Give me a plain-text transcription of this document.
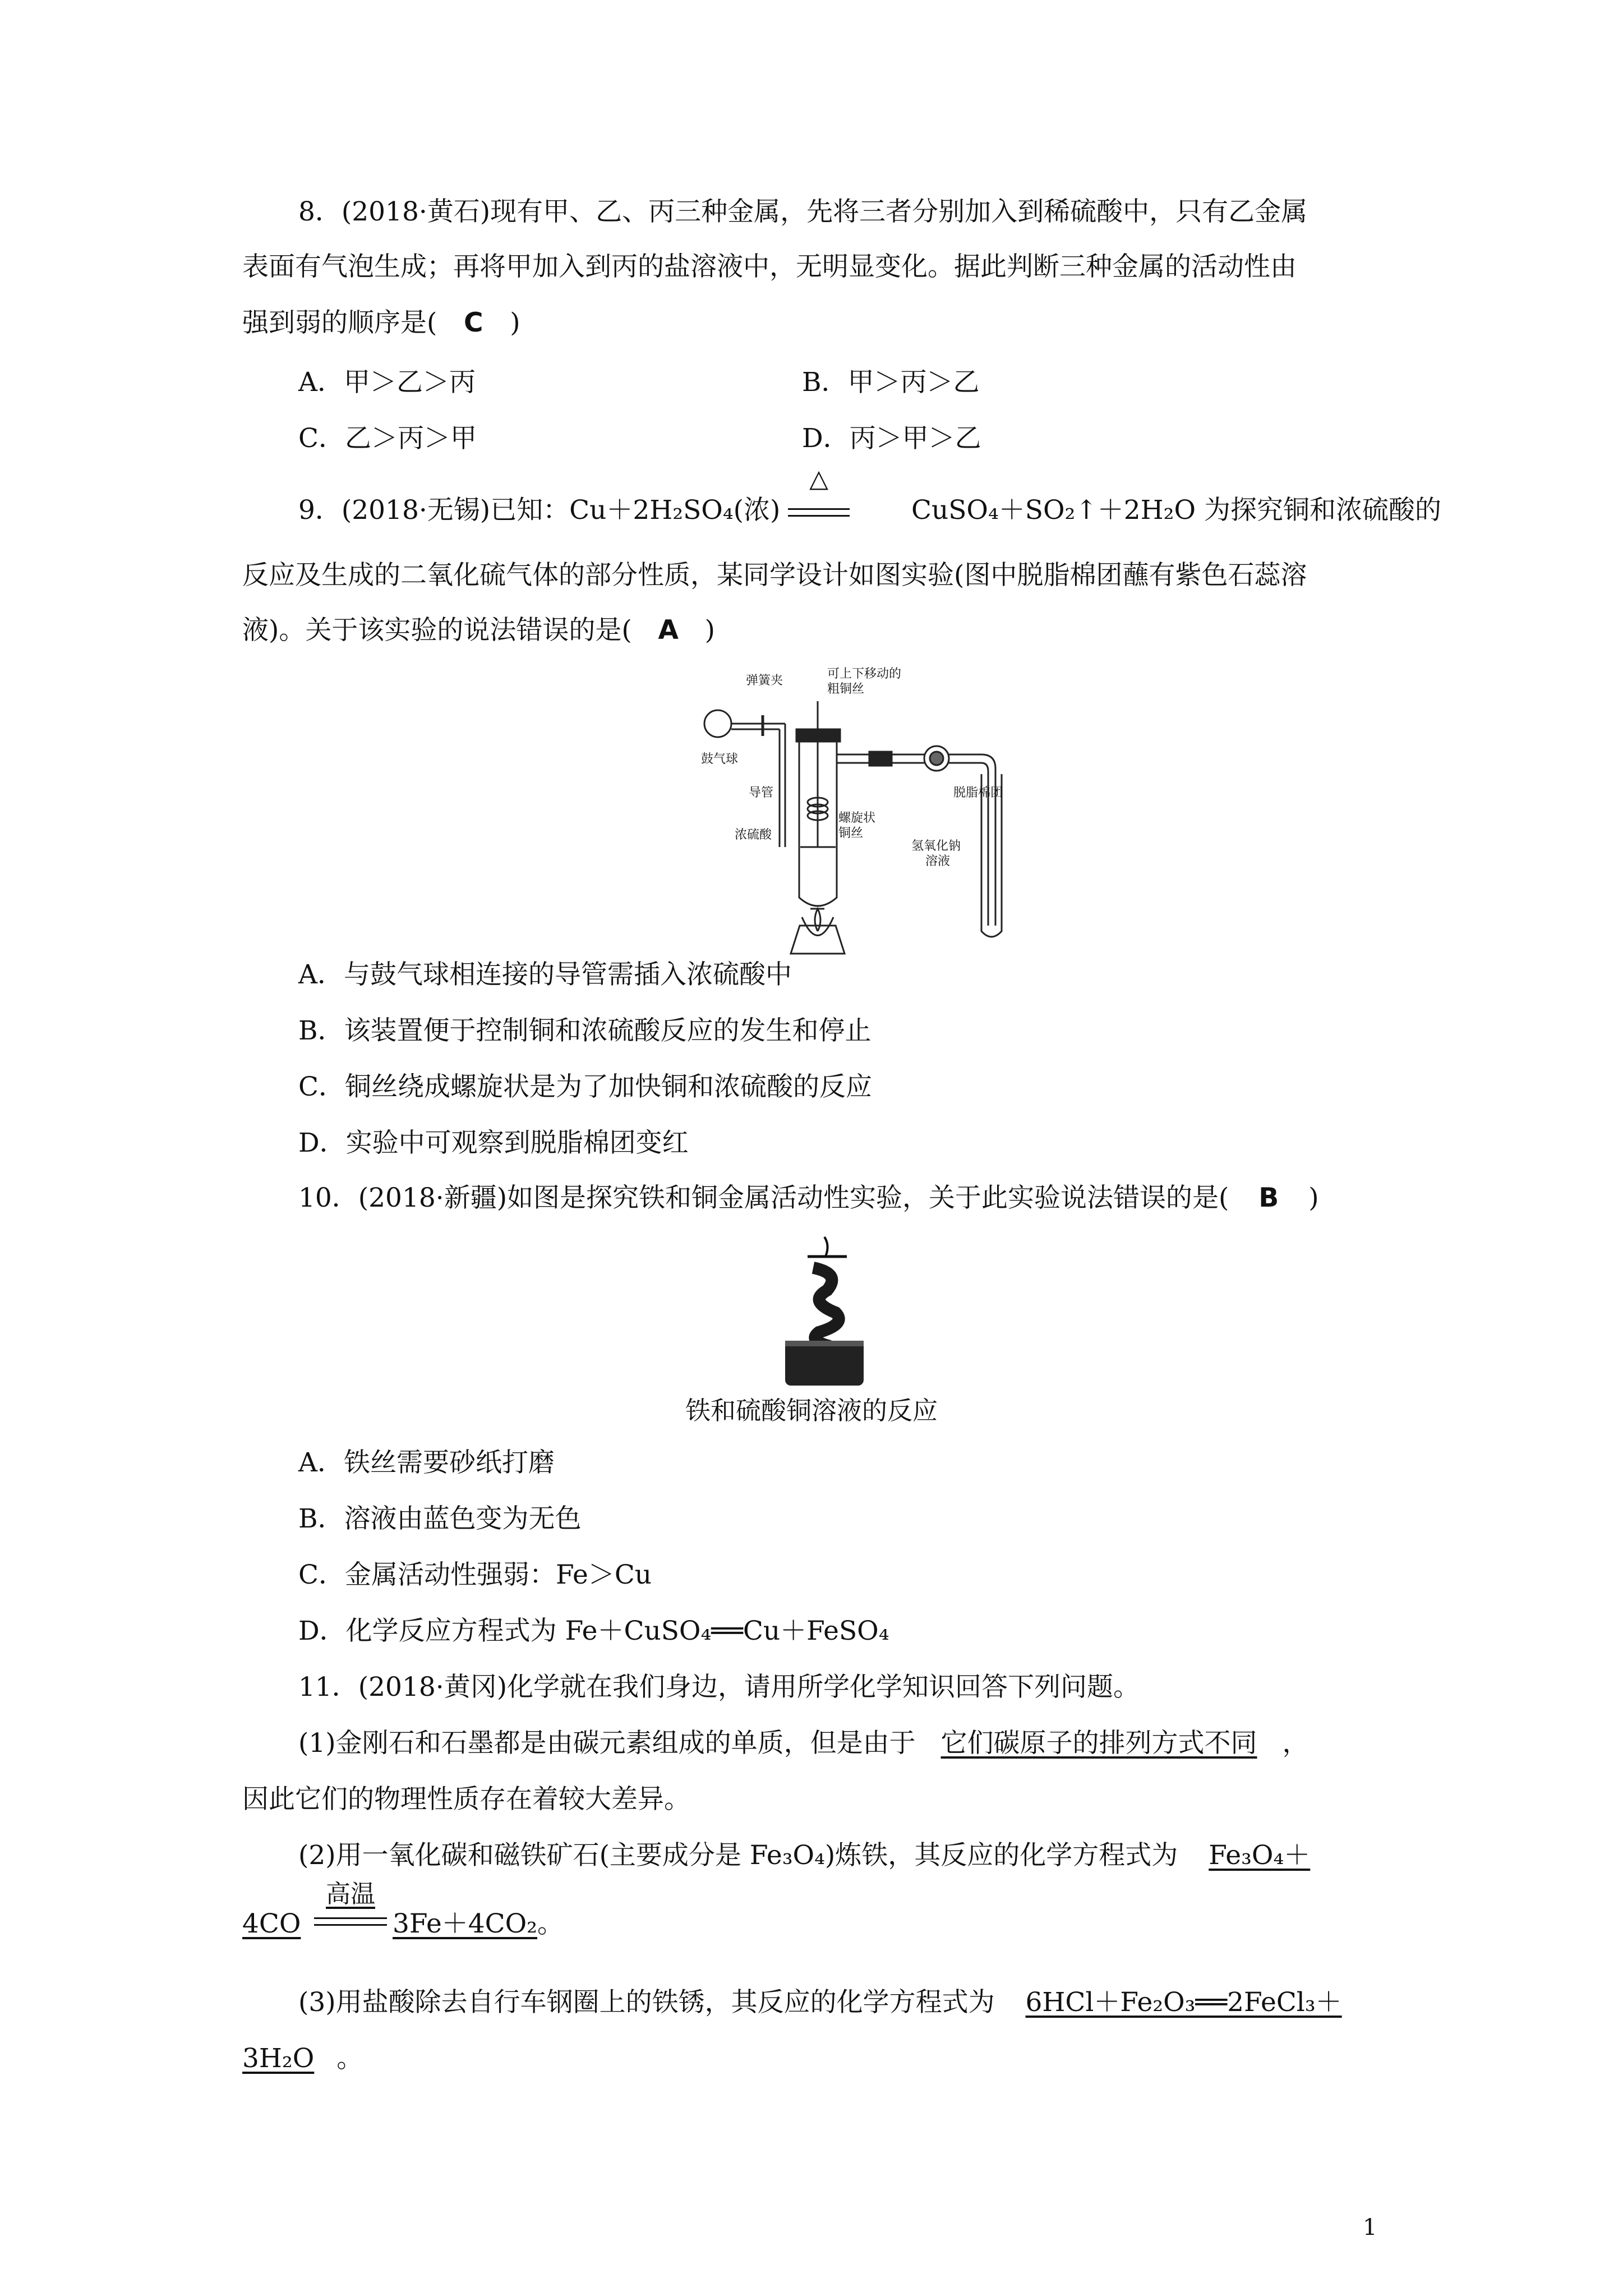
8．(2018·黄石)现有甲、乙、丙三种金属，先将三者分别加入到稀硫酸中，只有乙金属
表面有气泡生成；再将甲加入到丙的盐溶液中，无明显变化。据此判断三种金属的活动性由
强到弱的顺序是( C )
A．甲＞乙＞丙	B．甲＞丙＞乙
C．乙＞丙＞甲	D．丙＞甲＞乙
9．(2018·无锡)已知：Cu＋2H₂SO₄(浓)
△
CuSO₄＋SO₂↑＋2H₂O 为探究铜和浓硫酸的
反应及生成的二氧化硫气体的部分性质，某同学设计如图实验(图中脱脂棉团蘸有紫色石蕊溶
液)。关于该实验的说法错误的是( A )
弹簧夹	可上下移动的
粗铜丝
鼓气球
导管	脱脂棉团
螺旋状
铜丝
浓硫酸
氢氧化钠
溶液
A．与鼓气球相连接的导管需插入浓硫酸中
B．该装置便于控制铜和浓硫酸反应的发生和停止
C．铜丝绕成螺旋状是为了加快铜和浓硫酸的反应
D．实验中可观察到脱脂棉团变红
10．(2018·新疆)如图是探究铁和铜金属活动性实验，关于此实验说法错误的是( B )
铁和硫酸铜溶液的反应
A．铁丝需要砂纸打磨
B．溶液由蓝色变为无色
C．金属活动性强弱：Fe＞Cu
D．化学反应方程式为 Fe＋CuSO₄══Cu＋FeSO₄
11．(2018·黄冈)化学就在我们身边，请用所学化学知识回答下列问题。
(1)金刚石和石墨都是由碳元素组成的单质，但是由于 它们碳原子的排列方式不同 ，
因此它们的物理性质存在着较大差异。
(2)用一氧化碳和磁铁矿石(主要成分是 Fe₃O₄)炼铁，其反应的化学方程式为 Fe₃O₄＋
4CO
高温
3Fe＋4CO₂。
(3)用盐酸除去自行车钢圈上的铁锈，其反应的化学方程式为 6HCl＋Fe₂O₃══2FeCl₃＋
3H₂O 。
1
